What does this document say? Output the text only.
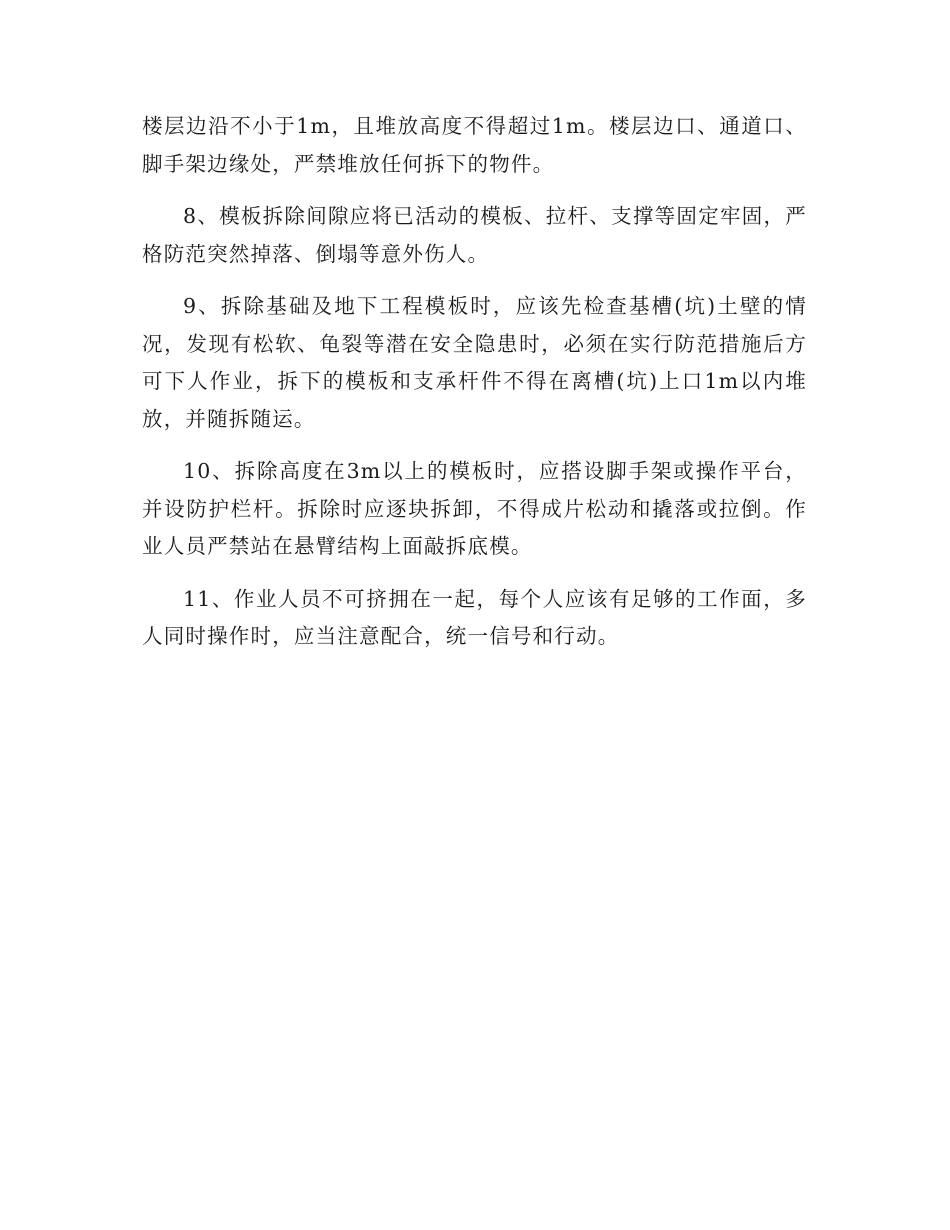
楼层边沿不小于1m，且堆放高度不得超过1m。楼层边口、通道口、脚手架边缘处，严禁堆放任何拆下的物件。

8、模板拆除间隙应将已活动的模板、拉杆、支撑等固定牢固，严格防范突然掉落、倒塌等意外伤人。

9、拆除基础及地下工程模板时，应该先检查基槽(坑)土壁的情况，发现有松软、龟裂等潜在安全隐患时，必须在实行防范措施后方可下人作业，拆下的模板和支承杆件不得在离槽(坑)上口1m以内堆放，并随拆随运。

10、拆除高度在3m以上的模板时，应搭设脚手架或操作平台，并设防护栏杆。拆除时应逐块拆卸，不得成片松动和撬落或拉倒。作业人员严禁站在悬臂结构上面敲拆底模。

11、作业人员不可挤拥在一起，每个人应该有足够的工作面，多人同时操作时，应当注意配合，统一信号和行动。
